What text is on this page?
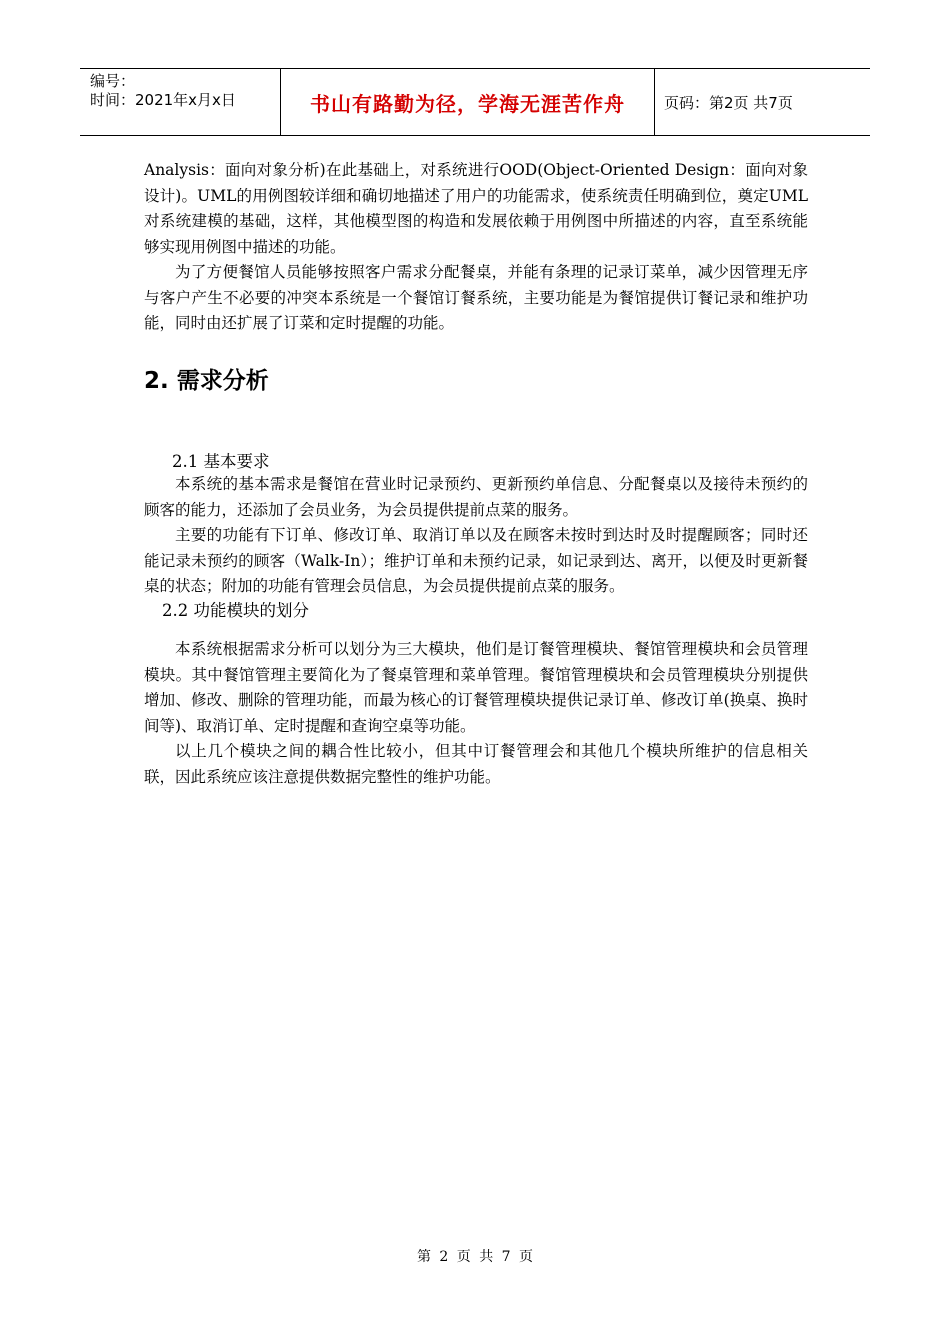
编号：
时间：2021年x月x日	书山有路勤为径，学海无涯苦作舟	页码：第2页 共7页

Analysis：面向对象分析)在此基础上，对系统进行OOD(Object-Oriented Design：面向对象设计)。UML的用例图较详细和确切地描述了用户的功能需求，使系统责任明确到位，奠定UML对系统建模的基础，这样，其他模型图的构造和发展依赖于用例图中所描述的内容，直至系统能够实现用例图中描述的功能。

为了方便餐馆人员能够按照客户需求分配餐桌，并能有条理的记录订菜单，减少因管理无序与客户产生不必要的冲突本系统是一个餐馆订餐系统，主要功能是为餐馆提供订餐记录和维护功能，同时由还扩展了订菜和定时提醒的功能。

2. 需求分析
2.1 基本要求

本系统的基本需求是餐馆在营业时记录预约、更新预约单信息、分配餐桌以及接待未预约的顾客的能力，还添加了会员业务，为会员提供提前点菜的服务。

主要的功能有下订单、修改订单、取消订单以及在顾客未按时到达时及时提醒顾客；同时还能记录未预约的顾客（Walk-In）；维护订单和未预约记录，如记录到达、离开，以便及时更新餐桌的状态；附加的功能有管理会员信息，为会员提供提前点菜的服务。

2.2 功能模块的划分

本系统根据需求分析可以划分为三大模块，他们是订餐管理模块、餐馆管理模块和会员管理模块。其中餐馆管理主要简化为了餐桌管理和菜单管理。餐馆管理模块和会员管理模块分别提供增加、修改、删除的管理功能，而最为核心的订餐管理模块提供记录订单、修改订单(换桌、换时间等)、取消订单、定时提醒和查询空桌等功能。

以上几个模块之间的耦合性比较小，但其中订餐管理会和其他几个模块所维护的信息相关联，因此系统应该注意提供数据完整性的维护功能。

第 2 页 共 7 页
